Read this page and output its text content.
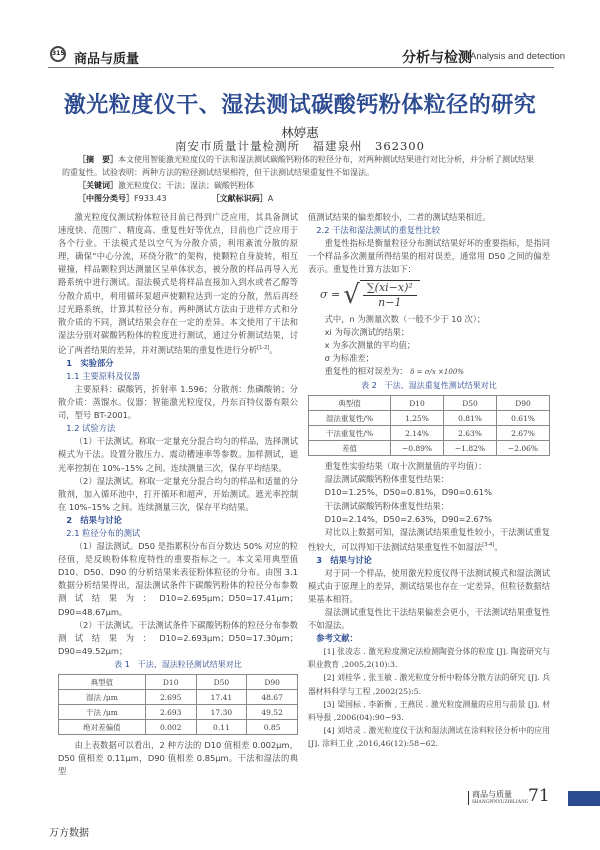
315 商品与质量	分析与检测
Analysis and detection
激光粒度仪干、湿法测试碳酸钙粉体粒径的研究
林婷惠
南安市质量计量检测所　福建泉州　362300
［摘　要］本文使用智能激光粒度仪的干法和湿法测试碳酸钙粉体的粒径分布，对两种测试结果进行对比分析，并分析了测试结果的重复性。试验表明：两种方法的粒径测试结果相符，但干法测试结果重复性不如湿法。
［关键词］激光粒度仪；干法；湿法；碳酸钙粉体
［中图分类号］F933.43	［文献标识码］A

激光粒度仪测试粉体粒径目前已得到广泛应用，其具备测试速度快、范围广、精度高、重复性好等优点，目前也广泛应用于各个行业。干法模式是以空气为分散介质，利用紊流分散的原理，确保“中心分流，环绕分散”的架构，使颗粒自身旋转，相互碰撞，样品颗粒到达测量区呈单体状态，被分散的样品再导入光路系统中进行测试。湿法模式是将样品直接加入到水或者乙醇等分散介质中，利用循环泵超声使颗粒达到一定的分散，然后再经过光路系统，计算其粒径分布。两种测试方法由于进样方式和分散介质的不同，测试结果会存在一定的差异。本文使用了干法和湿法分别对碳酸钙粉体的粒度进行测试，通过分析测试结果，讨论了两者结果的差异，并对测试结果的重复性进行分析[1-2]。

1　实验部分

1.1 主要原料及仪器

主要原料：碳酸钙，折射率 1.596；分散剂：焦磷酸钠；分散介质：蒸馏水。仪器：智能激光粒度仪，丹东百特仪器有限公司，型号 BT-2001。

1.2 试验方法

（1）干法测试。称取一定量充分混合均匀的样品，选择测试模式为干法。设置分散压力、震动槽速率等参数。加样测试，遮光率控制在 10%–15% 之间。连续测量三次，保存平均结果。

（2）湿法测试。称取一定量充分混合均匀的样品和适量的分散剂，加入循环池中，打开循环和超声，开始测试。遮光率控制在 10%–15% 之间。连续测量三次，保存平均结果。

2　结果与讨论

2.1 粒径分布的测试

（1）湿法测试。D50 是指累积分布百分数达 50% 对应的粒径值，是反映粉体粒度特性的重要指标之一。本文采用典型值 D10、D50、D90 的分析结果来表征粉体粒径的分布。由图 3.1 数据分析结果得出，湿法测试条件下碳酸钙粉体的粒径分布参数测试结果为：D10=2.695μm；D50=17.41μm；D90=48.67μm。

（2）干法测试。干法测试条件下碳酸钙粉体的粒径分布参数测试结果为：D10=2.693μm；D50=17.30μm；D90=49.52μm；

表 1　干法、湿法粒径测试结果对比

典型值	D10	D50	D90
湿法 /μm	2.695	17.41	48.67
干法 /μm	2.693	17.30	49.52
绝对差偏值	0.002	0.11	0.85

由上表数据可以看出，2 种方法的 D10 值相差 0.002μm，D50 值相差 0.11μm，D90 值相差 0.85μm。干法和湿法的典型

值测试结果的偏差都较小，二者的测试结果相近。

2.2 干法和湿法测试的重复性比较

重复性指标是衡量粒径分布测试结果好坏的重要指标，是指同一个样品多次测量所得结果的相对误差，通常用 D50 之间的偏差表示。重复性计算方法如下：

σ = √ $\frac{\text{∑(xi−x)²}}{n-1}$

式中，n 为测量次数（一般不少于 10 次）；

xi 为每次测试的结果；

x 为多次测量的平均值；

σ 为标准差；

重复性的相对误差为： δ = σ/x ×100%

表 2　干法、湿法重复性测试结果对比

典型值	D10	D50	D90
湿法重复性/%	1.25%	0.81%	0.61%
干法重复性/%	2.14%	2.63%	2.67%
差值	−0.89%	−1.82%	−2.06%

重复性实验结果（取十次测量值的平均值）：

湿法测试碳酸钙粉体重复性结果：

D10=1.25%，D50=0.81%，D90=0.61%

干法测试碳酸钙粉体重复性结果：

D10=2.14%，D50=2.63%，D90=2.67%

对比以上数据可知，湿法测试结果重复性较小，干法测试重复性较大，可以得知干法测试结果重复性不如湿法[3-4]。

3　结果与讨论

对于同一个样品，使用激光粒度仪得干法测试模式和湿法测试模式由于原理上的差异，测试结果也存在一定差异，但粒径数据结果基本相符。

湿法测试重复性比干法结果偏差会更小，干法测试结果重复性不如湿法。

参考文献：

[1] 张凌志 . 激光粒度测定法检测陶瓷分体的粒度 [J]. 陶瓷研究与职业教育 ,2005,2(10):3.

[2] 刘桂华 , 张玉敏 . 激光粒度分析中粉体分散方法的研究 [J]. 兵器材料科学与工程 ,2002(25):5.

[3] 梁国标 , 李新衡 , 王燕民 . 激光粒度测量的应用与前景 [J]. 材料导报 ,2006(04):90−93.

[4] 刘培灵 . 激光粒度仪干法和湿法测试在涂料粒径分析中的应用 [J]. 涂料工业 ,2016,46(12):58−62.

商品与质量
SHANGPINYUZHILIANG 71
万方数据
